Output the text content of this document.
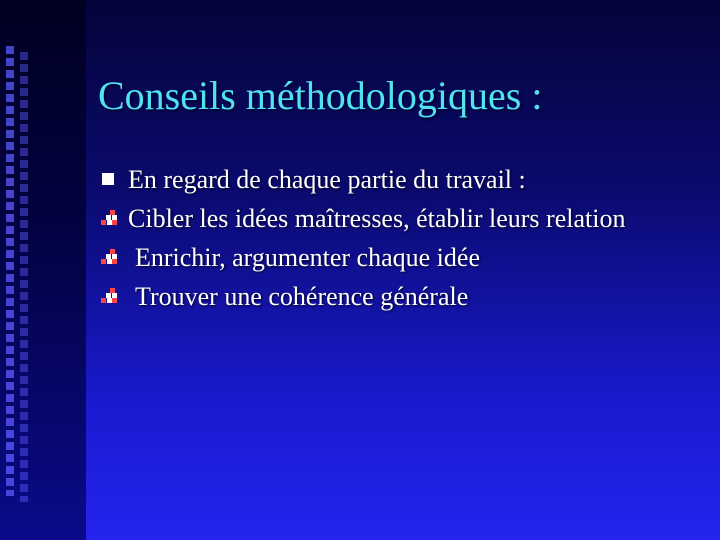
Conseils méthodologiques :
En regard de chaque partie du travail :
Cibler les idées maîtresses, établir leurs relation
Enrichir, argumenter chaque idée
Trouver une cohérence générale
